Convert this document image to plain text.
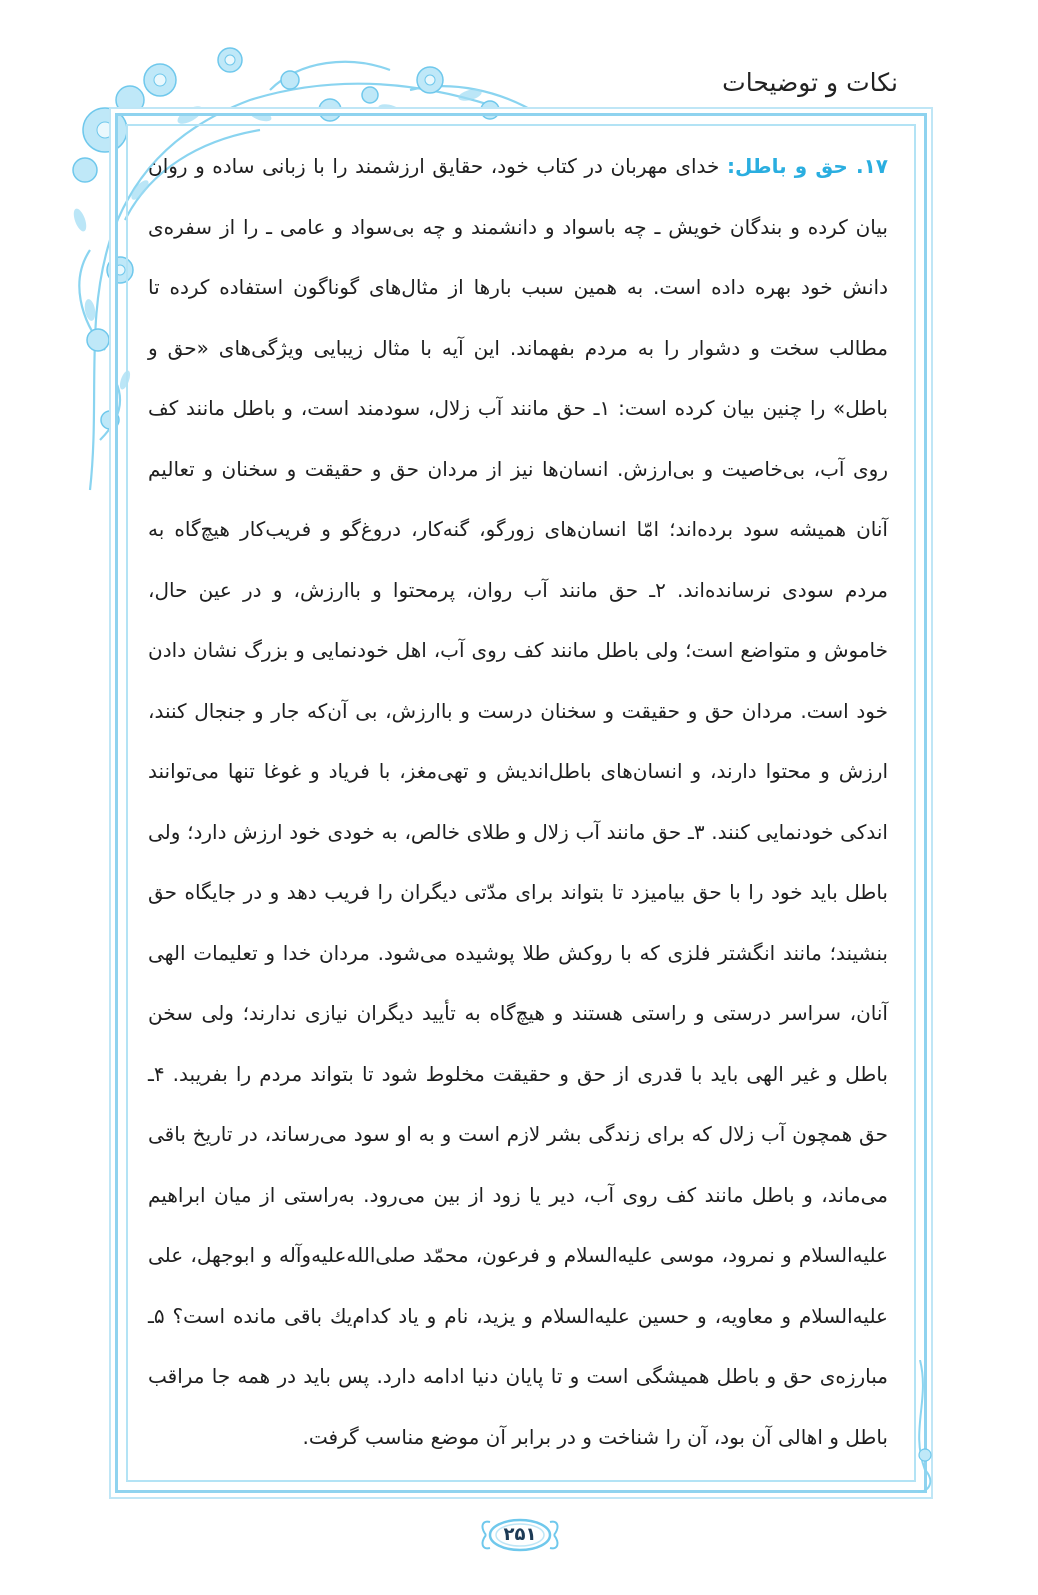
نکات و توضیحات

۱۷. حق و باطل: خدای مهربان در کتاب خود، حقایق ارزشمند را با زبانی ساده و روان بیان کرده و بندگان خویش ـ چه باسواد و دانشمند و چه بی‌سواد و عامی ـ را از سفره‌ی دانش خود بهره داده است. به همین سبب بارها از مثال‌های گوناگون استفاده کرده تا مطالب سخت و دشوار را به مردم بفهماند. این آیه با مثال زیبایی ویژگی‌های «حق و باطل» را چنین بیان کرده است: ۱ـ حق مانند آب زلال، سودمند است، و باطل مانند کف روی آب، بی‌خاصیت و بی‌ارزش. انسان‌ها نیز از مردان حق و حقیقت و سخنان و تعالیم آنان همیشه سود برده‌اند؛ امّا انسان‌های زورگو، گنه‌کار، دروغ‌گو و فریب‌کار هیچ‌گاه به مردم سودی نرسانده‌اند. ۲ـ حق مانند آب روان، پرمحتوا و باارزش، و در عین حال، خاموش و متواضع است؛ ولی باطل مانند کف روی آب، اهل خودنمایی و بزرگ نشان دادن خود است. مردان حق و حقیقت و سخنان درست و باارزش، بی آن‌که جار و جنجال کنند، ارزش و محتوا دارند، و انسان‌های باطل‌اندیش و تهی‌مغز، با فریاد و غوغا تنها می‌توانند اندکی خودنمایی کنند. ۳ـ حق مانند آب زلال و طلای خالص، به خودی خود ارزش دارد؛ ولی باطل باید خود را با حق بیامیزد تا بتواند برای مدّتی دیگران را فریب دهد و در جایگاه حق بنشیند؛ مانند انگشتر فلزی که با روکش طلا پوشیده می‌شود. مردان خدا و تعلیمات الهی آنان، سراسر درستی و راستی هستند و هیچ‌گاه به تأیید دیگران نیازی ندارند؛ ولی سخن باطل و غیر الهی باید با قدری از حق و حقیقت مخلوط شود تا بتواند مردم را بفریبد. ۴ـ حق همچون آب زلال که برای زندگی بشر لازم است و به او سود می‌رساند، در تاریخ باقی می‌ماند، و باطل مانند کف روی آب، دیر یا زود از بین می‌رود. به‌راستی از میان ابراهیم علیه‌السلام و نمرود، موسی علیه‌السلام و فرعون، محمّد صلی‌الله‌علیه‌وآله و ابوجهل، علی علیه‌السلام و معاویه، و حسین علیه‌السلام و یزید، نام و یاد کدام‌یك باقی مانده است؟ ۵ـ مبارزه‌ی حق و باطل همیشگی است و تا پایان دنیا ادامه دارد. پس باید در همه جا مراقب باطل و اهالی آن بود، آن را شناخت و در برابر آن موضع مناسب گرفت.

۲۵۱
